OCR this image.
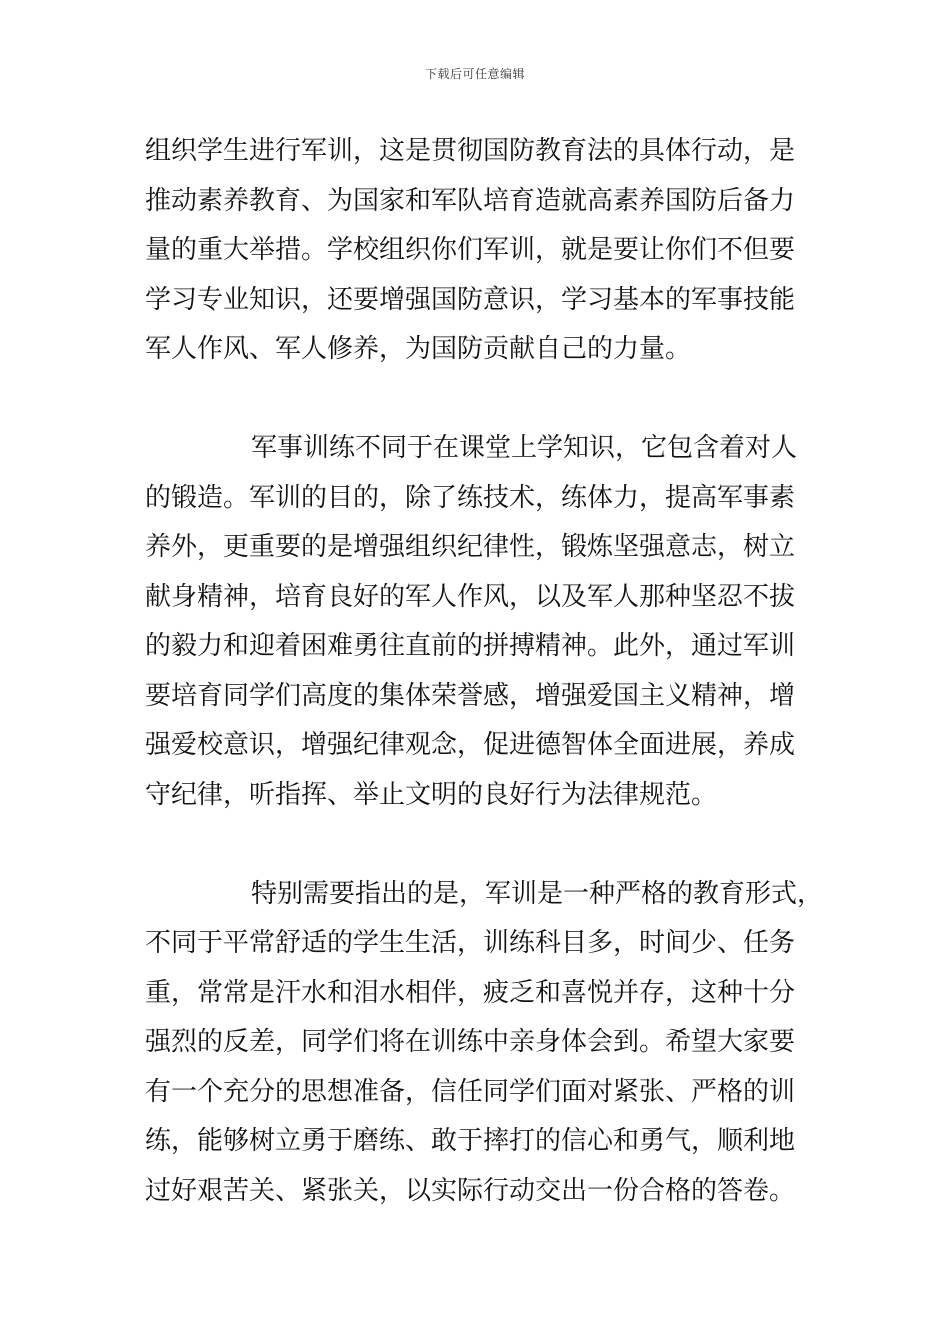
下载后可任意编辑
组织学生进行军训，这是贯彻国防教育法的具体行动，是
推动素养教育、为国家和军队培育造就高素养国防后备力
量的重大举措。学校组织你们军训，就是要让你们不但要
学习专业知识，还要增强国防意识，学习基本的军事技能
军人作风、军人修养，为国防贡献自己的力量。
军事训练不同于在课堂上学知识，它包含着对人
的锻造。军训的目的，除了练技术，练体力，提高军事素
养外，更重要的是增强组织纪律性，锻炼坚强意志，树立
献身精神，培育良好的军人作风，以及军人那种坚忍不拔
的毅力和迎着困难勇往直前的拼搏精神。此外，通过军训
要培育同学们高度的集体荣誉感，增强爱国主义精神，增
强爱校意识，增强纪律观念，促进德智体全面进展，养成
守纪律，听指挥、举止文明的良好行为法律规范。
特别需要指出的是，军训是一种严格的教育形式，
不同于平常舒适的学生生活，训练科目多，时间少、任务
重，常常是汗水和泪水相伴，疲乏和喜悦并存，这种十分
强烈的反差，同学们将在训练中亲身体会到。希望大家要
有一个充分的思想准备，信任同学们面对紧张、严格的训
练，能够树立勇于磨练、敢于摔打的信心和勇气，顺利地
过好艰苦关、紧张关，以实际行动交出一份合格的答卷。
